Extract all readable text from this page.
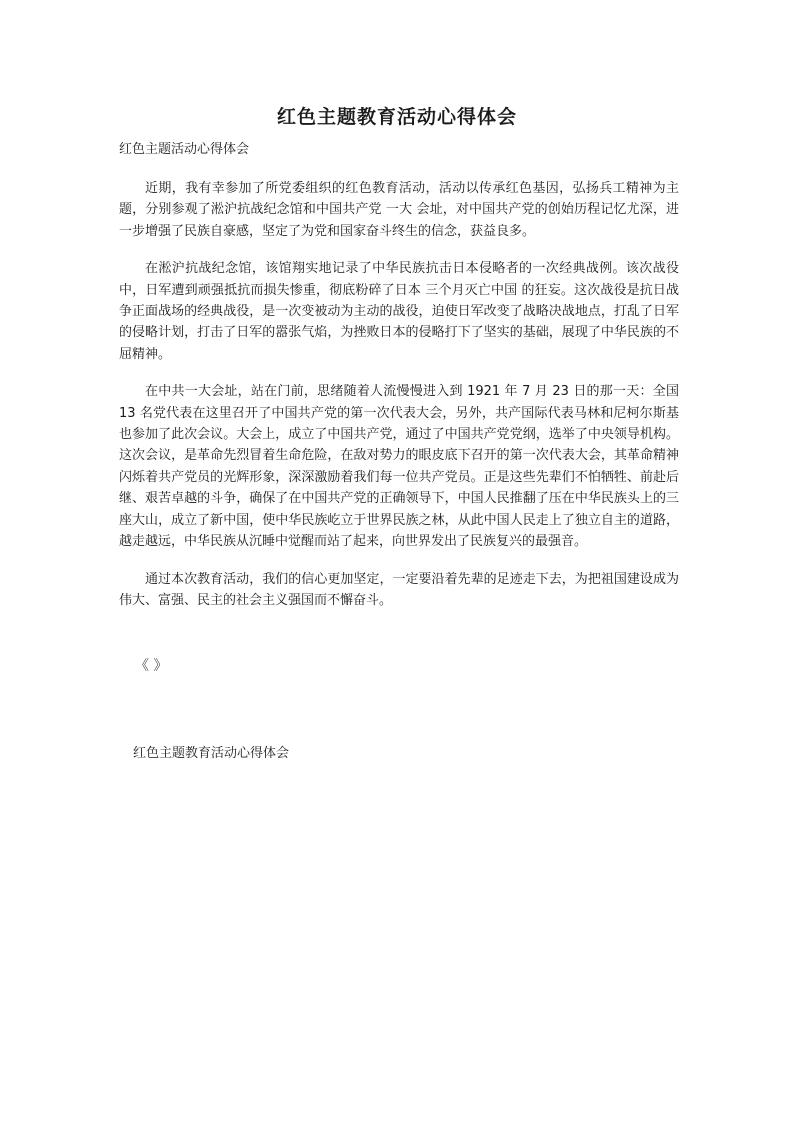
红色主题教育活动心得体会
红色主题活动心得体会

近期，我有幸参加了所党委组织的红色教育活动，活动以传承红色基因，弘扬兵工精神为主题，分别参观了淞沪抗战纪念馆和中国共产党 一大 会址，对中国共产党的创始历程记忆尤深，进一步增强了民族自豪感，坚定了为党和国家奋斗终生的信念，获益良多。

在淞沪抗战纪念馆，该馆翔实地记录了中华民族抗击日本侵略者的一次经典战例。该次战役中，日军遭到顽强抵抗而损失惨重，彻底粉碎了日本 三个月灭亡中国 的狂妄。这次战役是抗日战争正面战场的经典战役，是一次变被动为主动的战役，迫使日军改变了战略决战地点，打乱了日军的侵略计划，打击了日军的嚣张气焰，为挫败日本的侵略打下了坚实的基础，展现了中华民族的不屈精神。

在中共一大会址，站在门前，思绪随着人流慢慢进入到 1921 年 7 月 23 日的那一天：全国 13 名党代表在这里召开了中国共产党的第一次代表大会，另外，共产国际代表马林和尼柯尔斯基也参加了此次会议。大会上，成立了中国共产党，通过了中国共产党党纲，选举了中央领导机构。这次会议，是革命先烈冒着生命危险，在敌对势力的眼皮底下召开的第一次代表大会，其革命精神闪烁着共产党员的光辉形象，深深激励着我们每一位共产党员。正是这些先辈们不怕牺牲、前赴后继、艰苦卓越的斗争，确保了在中国共产党的正确领导下，中国人民推翻了压在中华民族头上的三座大山，成立了新中国，使中华民族屹立于世界民族之林，从此中国人民走上了独立自主的道路，越走越远，中华民族从沉睡中觉醒而站了起来，向世界发出了民族复兴的最强音。

通过本次教育活动，我们的信心更加坚定，一定要沿着先辈的足迹走下去，为把祖国建设成为伟大、富强、民主的社会主义强国而不懈奋斗。

《 》
红色主题教育活动心得体会
